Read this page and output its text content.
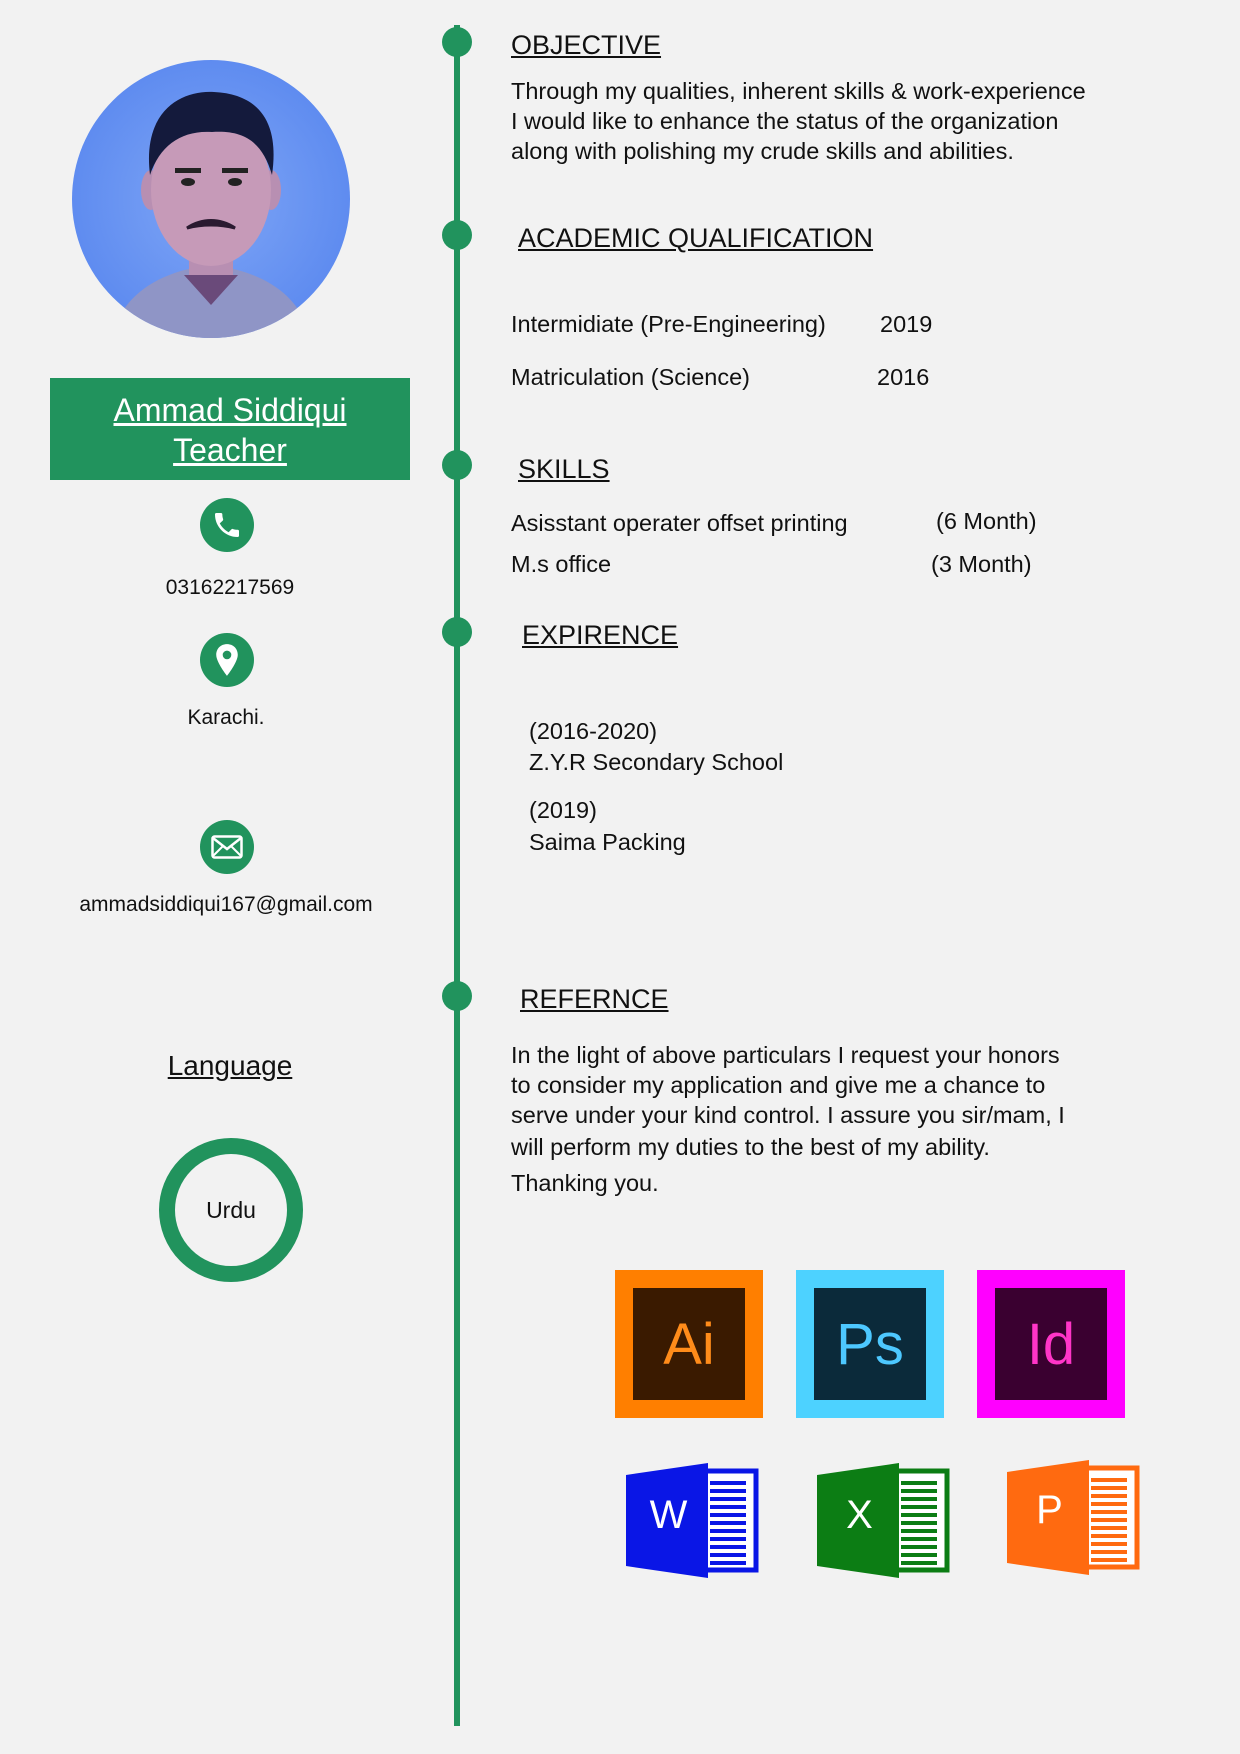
Ammad Siddiqui
Teacher
03162217569
Karachi.
ammadsiddiqui167@gmail.com
Language
Urdu
OBJECTIVE
Through my qualities, inherent skills & work-experience
I would like to enhance the status of the organization
along with polishing my crude skills and abilities.
ACADEMIC QUALIFICATION
Intermidiate (Pre-Engineering) 2019
Matriculation (Science)	2016
SKILLS
Asisstant operater offset printing	(6 Month)
M.s office	(3 Month)
EXPIRENCE
(2016-2020)
Z.Y.R Secondary School
(2019)
Saima Packing
REFERNCE
In the light of above particulars I request your honors
to consider my application and give me a chance to
serve under your kind control. I assure you sir/mam, I
will perform my duties to the best of my ability.
Thanking you.
Ai	Ps	Id
W	X	P
